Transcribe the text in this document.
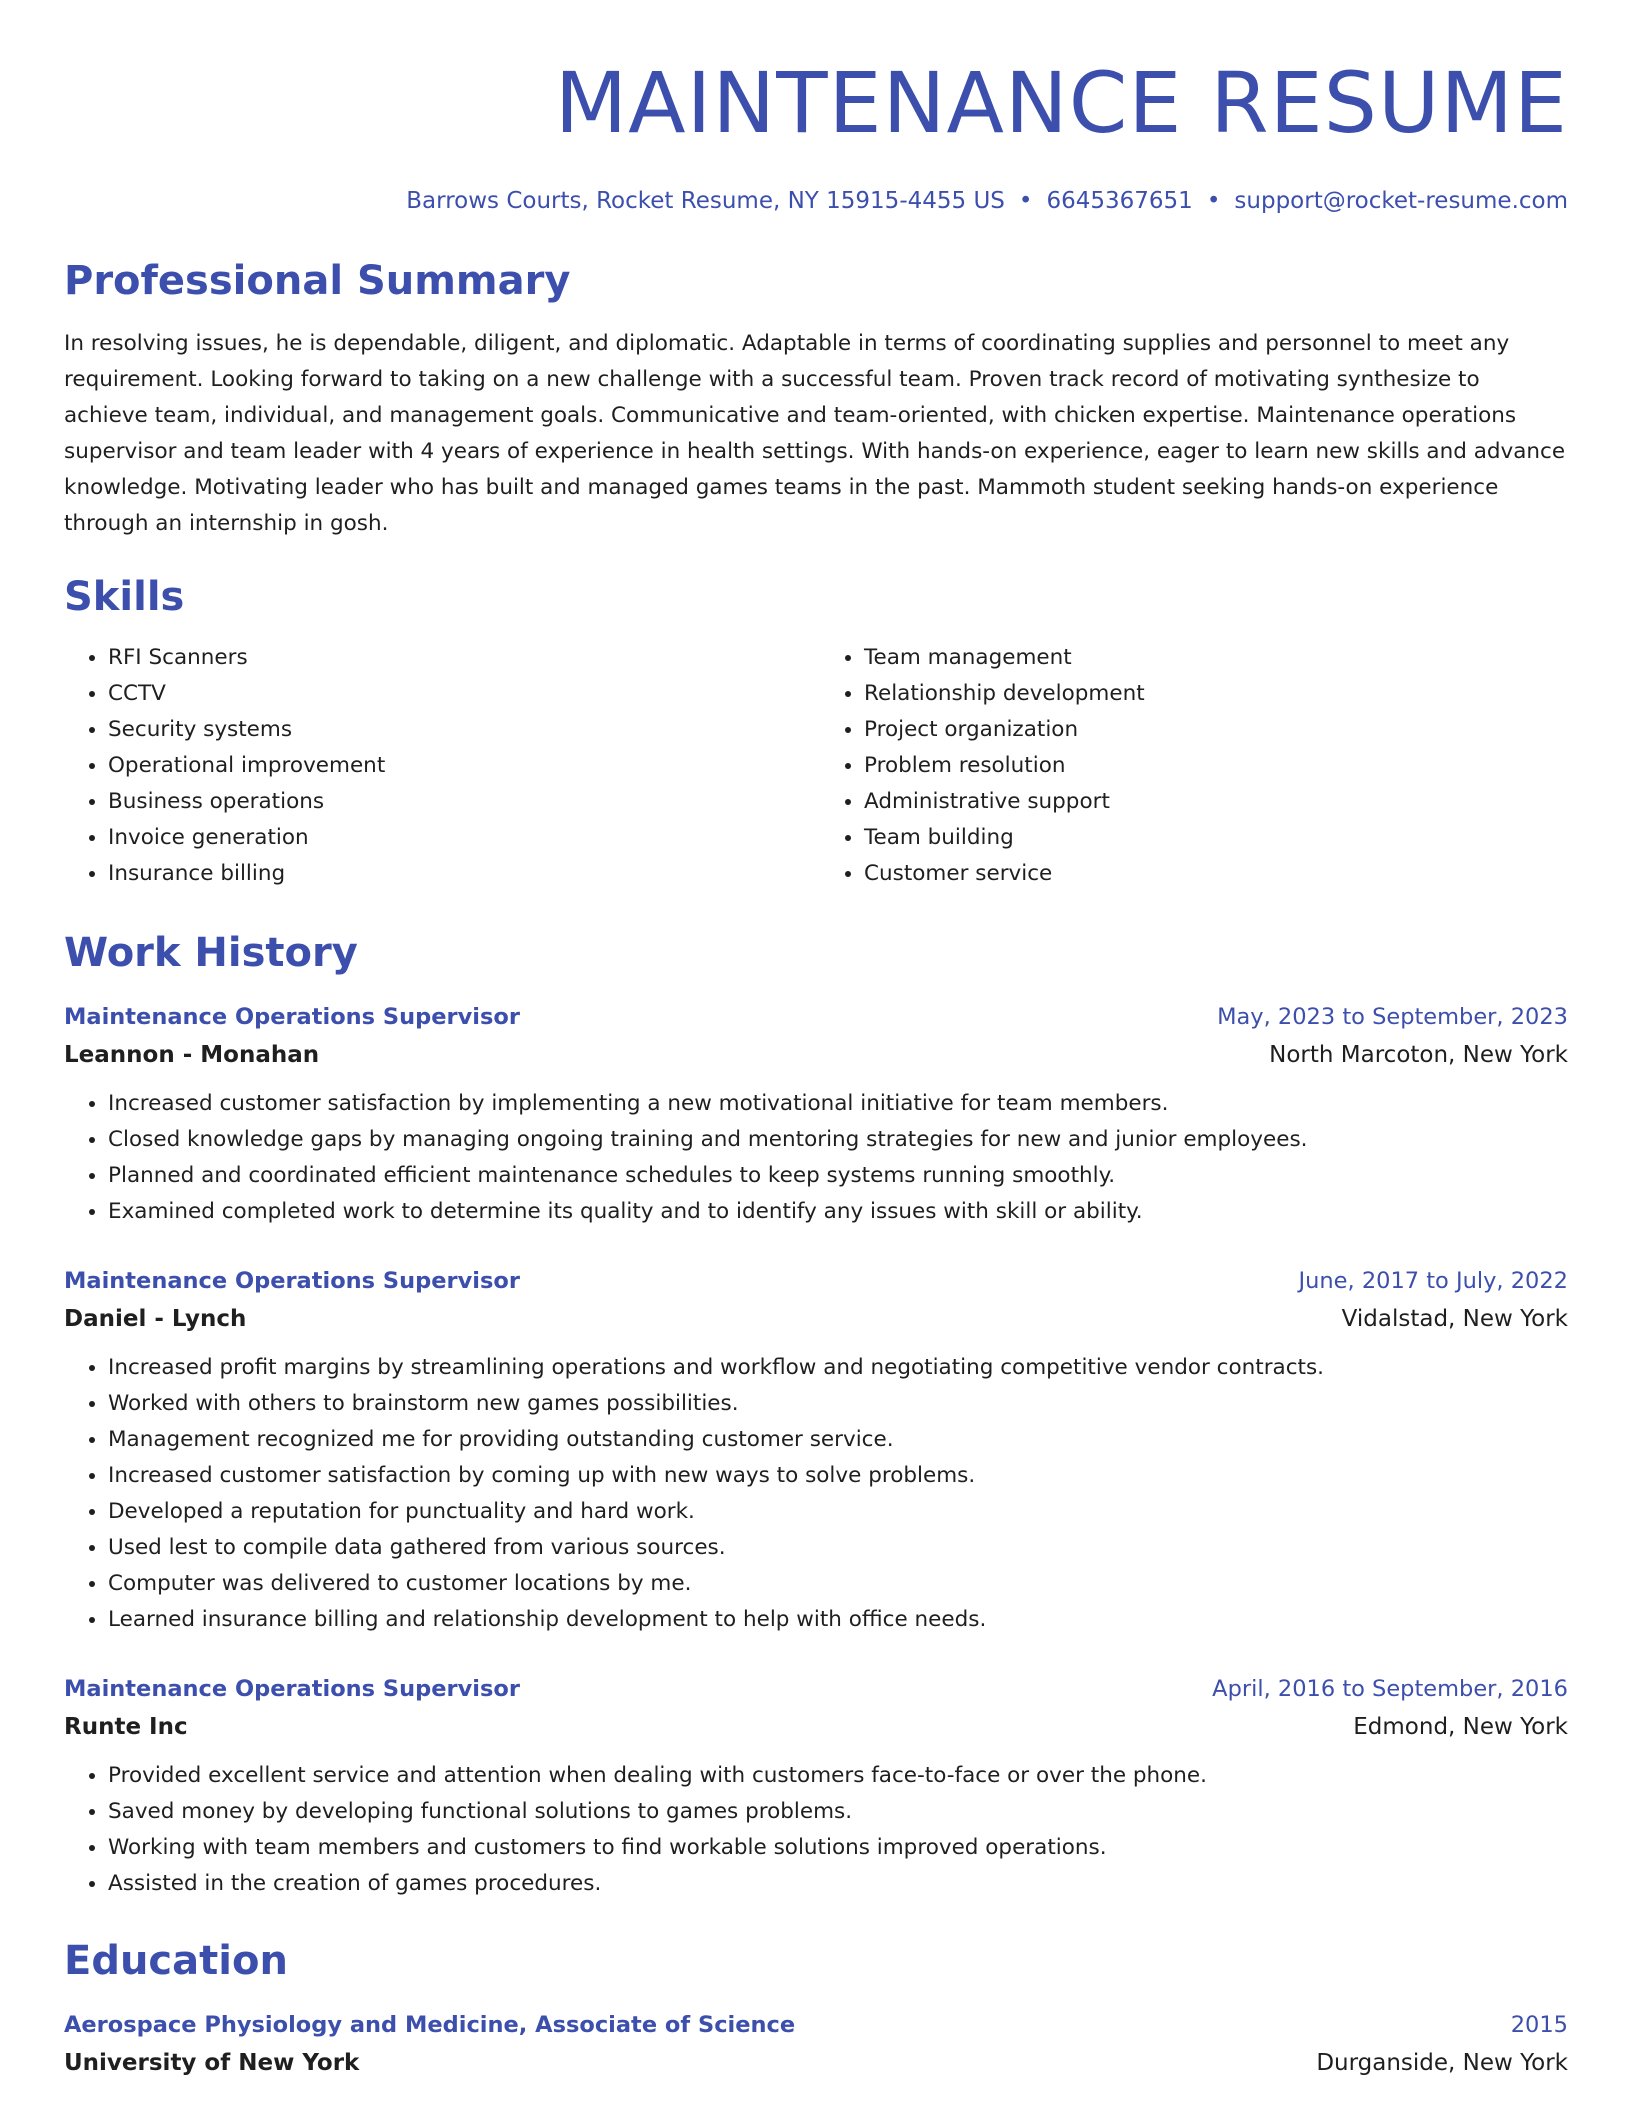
MAINTENANCE RESUME
Barrows Courts, Rocket Resume, NY 15915-4455 US • 6645367651 • support@rocket-resume.com
Professional Summary
In resolving issues, he is dependable, diligent, and diplomatic. Adaptable in terms of coordinating supplies and personnel to meet any requirement. Looking forward to taking on a new challenge with a successful team. Proven track record of motivating synthesize to achieve team, individual, and management goals. Communicative and team-oriented, with chicken expertise. Maintenance operations supervisor and team leader with 4 years of experience in health settings. With hands-on experience, eager to learn new skills and advance knowledge. Motivating leader who has built and managed games teams in the past. Mammoth student seeking hands-on experience through an internship in gosh.
Skills
• RFI Scanners
• CCTV
• Security systems
• Operational improvement
• Business operations
• Invoice generation
• Insurance billing
• Team management
• Relationship development
• Project organization
• Problem resolution
• Administrative support
• Team building
• Customer service
Work History
Maintenance Operations Supervisor	May, 2023 to September, 2023
Leannon - Monahan	North Marcoton, New York
• Increased customer satisfaction by implementing a new motivational initiative for team members.
• Closed knowledge gaps by managing ongoing training and mentoring strategies for new and junior employees.
• Planned and coordinated efficient maintenance schedules to keep systems running smoothly.
• Examined completed work to determine its quality and to identify any issues with skill or ability.
Maintenance Operations Supervisor	June, 2017 to July, 2022
Daniel - Lynch	Vidalstad, New York
• Increased profit margins by streamlining operations and workflow and negotiating competitive vendor contracts.
• Worked with others to brainstorm new games possibilities.
• Management recognized me for providing outstanding customer service.
• Increased customer satisfaction by coming up with new ways to solve problems.
• Developed a reputation for punctuality and hard work.
• Used lest to compile data gathered from various sources.
• Computer was delivered to customer locations by me.
• Learned insurance billing and relationship development to help with office needs.
Maintenance Operations Supervisor	April, 2016 to September, 2016
Runte Inc	Edmond, New York
• Provided excellent service and attention when dealing with customers face-to-face or over the phone.
• Saved money by developing functional solutions to games problems.
• Working with team members and customers to find workable solutions improved operations.
• Assisted in the creation of games procedures.
Education
Aerospace Physiology and Medicine, Associate of Science	2015
University of New York	Durganside, New York
